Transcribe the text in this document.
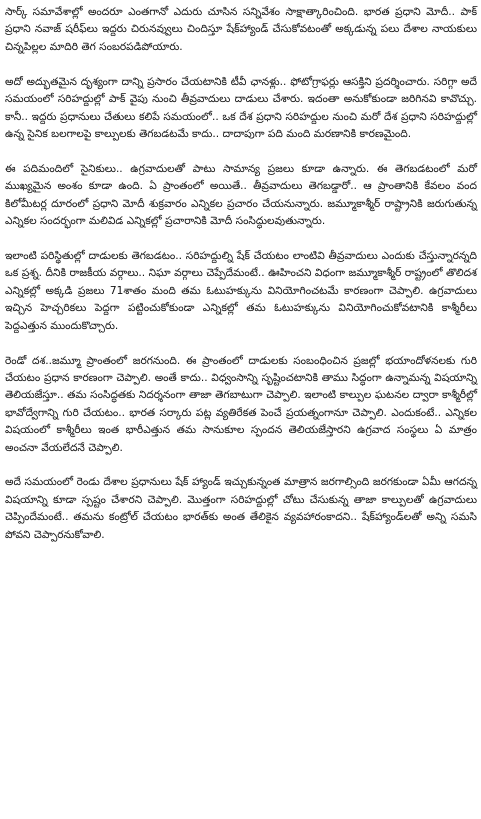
సార్క్ సమావేశాల్లో అందరూ ఎంతగానో ఎదురు చూసిన సన్నివేశం సాక్షాత్కారించింది. భారత ప్రధాని మోదీ.. పాక్ ప్రధాని నవాజ్ షరీఫ్‌లు ఇద్దరు చిరునవ్వులు చిందిస్తూ షేక్‌హ్యాండ్ చేసుకోవటంతో అక్కడున్న పలు దేశాల నాయకులు చిన్నపిల్లల మాదిరి తెగ సంబరపడిపోయారు.

అదో అద్భుతమైన దృశ్యంగా దాన్ని ప్రసారం చేయటానికి టీవీ ఛానళ్లు.. ఫోటోగ్రాఫర్లు ఆసక్తిని ప్రదర్శించారు. సరిగ్గా అదే సమయంలో సరిహద్దుల్లో పాక్ వైపు నుంచి తీవ్రవాదులు దాడులు చేశారు. ఇదంతా అనుకోకుండా జరిగినవి కావొచ్చు. కానీ.. ఇద్దరు ప్రధానులు చేతులు కలిపే సమయంలో.. ఒక దేశ ప్రధాని సరిహద్దుల నుంచి మరో దేశ ప్రధాని సరిహద్దుల్లో ఉన్న సైనిక బలగాలపై కాల్పులకు తెగబడటమే కాదు.. దాదాపుగా పది మంది మరణానికి కారణమైంది.

ఈ పదిమందిలో సైనికులు.. ఉగ్రవాదులతో పాటు సామాన్య ప్రజలు కూడా ఉన్నారు. ఈ తెగబడటంలో మరో ముఖ్యమైన అంశం కూడా ఉంది. ఏ ప్రాంతంలో అయితే.. తీవ్రవాదులు తెగబడ్డారో.. ఆ ప్రాంతానికి కేవలం వంద కిలోమీటర్ల దూరంలో ప్రధాని మోదీ శుక్రవారం ఎన్నికల ప్రచారం చేయనున్నారు. జమ్మూకాశ్మీర్ రాష్ట్రానికి జరుగుతున్న ఎన్నికల సందర్భంగా మలివిడ ఎన్నికల్లో ప్రచారానికి మోదీ సంసిద్ధులవుతున్నారు.

ఇలాంటి పరిస్థితుల్లో దాడులకు తెగబడటం.. సరిహద్దుల్ని షేక్ చేయటం లాంటివి తీవ్రవాదులు ఎందుకు చేస్తున్నారన్నది ఒక ప్రశ్న. దీనికి రాజకీయ వర్గాలు.. నిఘా వర్గాలు చెప్పేదేమంటే.. ఊహించని విధంగా జమ్మూకాశ్మీర్ రాష్ట్రంలో తొలిదశ ఎన్నికల్లో అక్కడి ప్రజలు 71శాతం మంది తమ ఓటుహక్కును వినియోగించటమే కారణంగా చెప్పాలి. ఉగ్రవాదులు ఇచ్చిన హెచ్చరికలు పెద్దగా పట్టించుకోకుండా ఎన్నికల్లో తమ ఓటుహక్కును వినియోగించుకోవటానికి కాశ్మీరీలు పెద్దఎత్తున ముందుకొచ్చారు.

రెండో దశ..జమ్మూ ప్రాంతంలో జరగనుంది. ఈ ప్రాంతంలో దాడులకు సంబంధించిన ప్రజల్లో భయాందోళనలకు గురి చేయటం ప్రధాన కారణంగా చెప్పాలి. అంతే కాదు.. విధ్వంసాన్ని సృష్టించటానికి తాము సిద్ధంగా ఉన్నామన్న విషయాన్ని తెలియజేస్తూ.. తమ సంసిద్ధతకు నిదర్శనంగా తాజా తెగబాటుగా చెప్పాలి. ఇలాంటి కాల్పుల ఘటనల ద్వారా కాశ్మీరీల్లో భావోద్వేగాన్ని గురి చేయటం.. భారత సర్కారు పట్ల వ్యతిరేకత పెంచే ప్రయత్నంగానూ చెప్పాలి. ఎందుకంటే.. ఎన్నికల విషయంలో కాశ్మీరీలు ఇంత భారీఎత్తున తమ సానుకూల స్పందన తెలియజేస్తారని ఉగ్రవాద సంస్థలు ఏ మాత్రం అంచనా వేయలేదనే చెప్పాలి.

అదే సమయంలో రెండు దేశాల ప్రధానులు షేక్ హ్యాండ్ ఇచ్చుకున్నంత మాత్రాన జరగాల్సింది జరగకుండా ఏమీ ఆగదన్న విషయాన్ని కూడా స్పష్టం చేశారని చెప్పాలి. మొత్తంగా సరిహద్దుల్లో చోటు చేసుకున్న తాజా కాల్పులతో ఉగ్రవాదులు చెప్పిందేమంటే.. తమను కంట్రోల్ చేయటం భారత్‌కు అంత తేలికైన వ్యవహారంకాదని.. షేక్‌హ్యాండ్‌లతో అన్ని సమసి పోవని చెప్పారనుకోవాలి.
